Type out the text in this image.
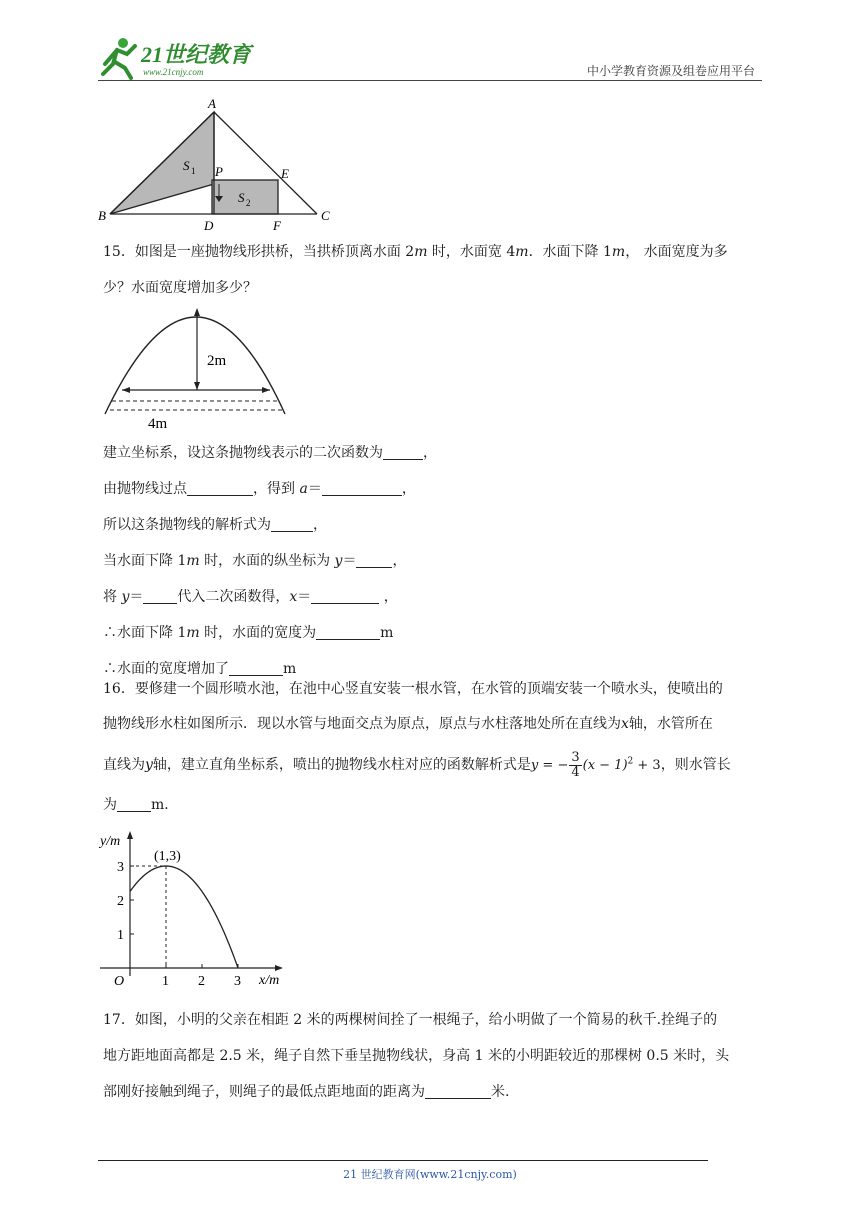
21世纪教育
www.21cnjy.com	中小学教育资源及组卷应用平台
A
B	C
D
E
F
P
S 1
S 2
15．如图是一座抛物线形拱桥，当拱桥顶离水面 2m 时，水面宽 4m．水面下降 1m， 水面宽度为多
少？水面宽度增加多少？
2m
4m
建立坐标系，设这条抛物线表示的二次函数为	，
由抛物线过点	，得到 a＝	，
所以这条抛物线的解析式为	，
当水面下降 1m 时，水面的纵坐标为 y＝	，
将 y＝ 代入二次函数得，x＝	，
∴水面下降 1m 时，水面的宽度为	m
∴水面的宽度增加了	m
16．要修建一个圆形喷水池，在池中心竖直安装一根水管，在水管的顶端安装一个喷水头，使喷出的
抛物线形水柱如图所示．现以水管与地面交点为原点，原点与水柱落地处所在直线为x轴，水管所在
直线为y轴，建立直角坐标系，喷出的抛物线水柱对应的函数解析式是y = − $\frac{3}{4} (x - 1)^2 + 3$，则水管长
为 m．
1 2 3
1
2
3
O	x/m
y/m
(1,3)
17．如图，小明的父亲在相距 2 米的两棵树间拴了一根绳子，给小明做了一个简易的秋千.拴绳子的
地方距地面高都是 2.5 米，绳子自然下垂呈抛物线状，身高 1 米的小明距较近的那棵树 0.5 米时，头
部刚好接触到绳子，则绳子的最低点距地面的距离为	米.
21 世纪教育网(www.21cnjy.com)
